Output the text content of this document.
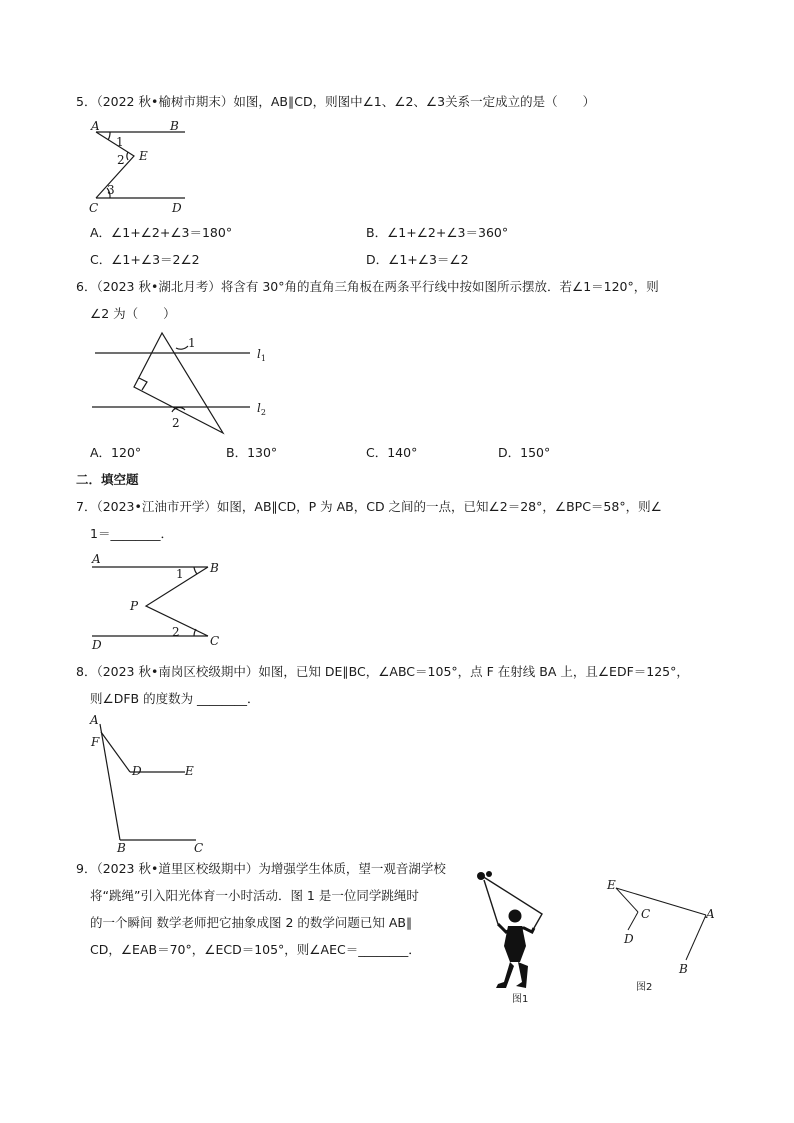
5．（2022 秋•榆树市期末）如图，AB∥CD，则图中∠1、∠2、∠3关系一定成立的是（　　）
A	B
C	D
E
1
2
3
A．∠1+∠2+∠3＝180°	B．∠1+∠2+∠3＝360°
C．∠1+∠3＝2∠2	D．∠1+∠3＝∠2
6．（2023 秋•湖北月考）将含有 30°角的直角三角板在两条平行线中按如图所示摆放．若∠1＝120°，则
∠2 为（　　）
1
2
$l_1$
$l_2$
A．120°	B．130°	C．140°	D．150°
二．填空题
7．（2023•江油市开学）如图，AB∥CD，P 为 AB，CD 之间的一点，已知∠2＝28°，∠BPC＝58°，则∠
1＝________．
A
B
D	C
P
1
2
8．（2023 秋•南岗区校级期中）如图，已知 DE∥BC，∠ABC＝105°，点 F 在射线 BA 上，且∠EDF＝125°，
则∠DFB 的度数为 ________．
A
F
D	E
B	C
9．（2023 秋•道里区校级期中）为增强学生体质，望一观音湖学校
将“跳绳”引入阳光体育一小时活动．图 1 是一位同学跳绳时
的一个瞬间 数学老师把它抽象成图 2 的数学问题已知 AB∥
CD，∠EAB＝70°，∠ECD＝105°，则∠AEC＝________．
图1
E
C
D
A
B
图2
